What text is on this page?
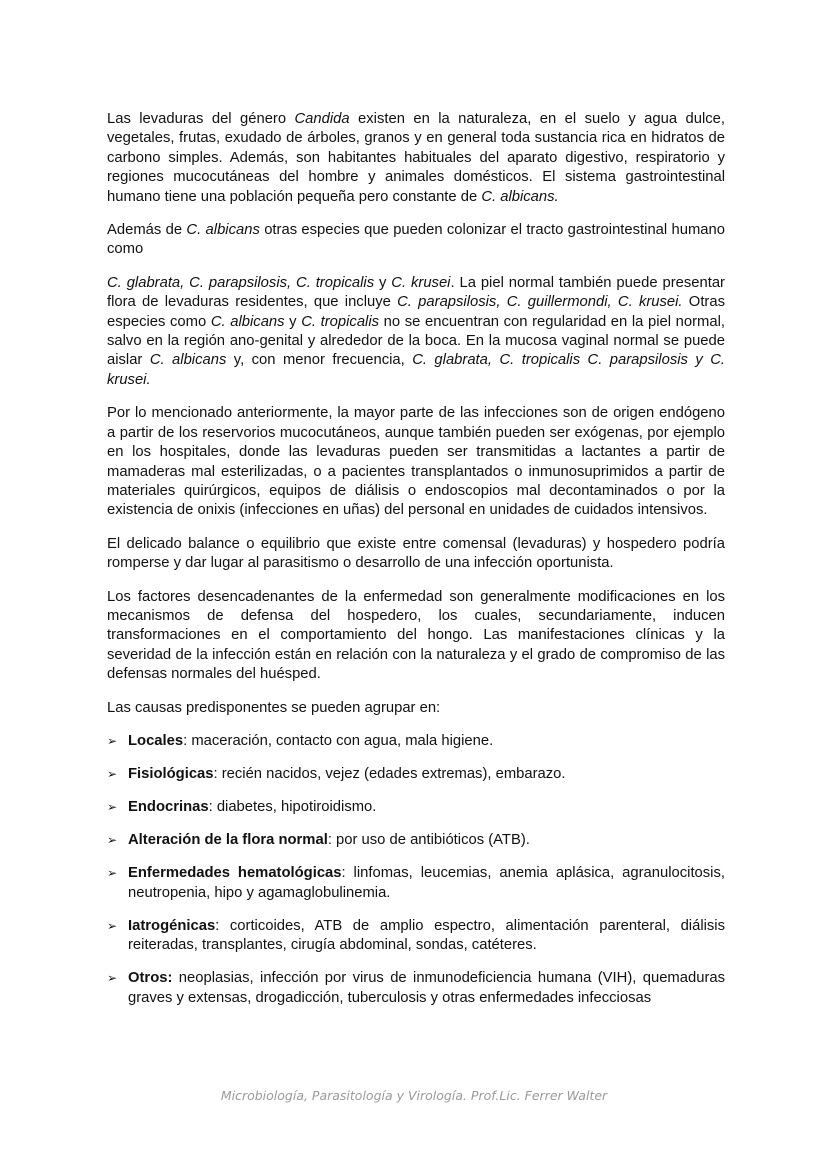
Las levaduras del género Candida existen en la naturaleza, en el suelo y agua dulce, vegetales, frutas, exudado de árboles, granos y en general toda sustancia rica en hidratos de carbono simples. Además, son habitantes habituales del aparato digestivo, respiratorio y regiones mucocutáneas del hombre y animales domésticos. El sistema gastrointestinal humano tiene una población pequeña pero constante de C. albicans.

Además de C. albicans otras especies que pueden colonizar el tracto gastrointestinal humano como

C. glabrata, C. parapsilosis, C. tropicalis y C. krusei. La piel normal también puede presentar flora de levaduras residentes, que incluye C. parapsilosis, C. guillermondi, C. krusei. Otras especies como C. albicans y C. tropicalis no se encuentran con regularidad en la piel normal, salvo en la región ano-genital y alrededor de la boca. En la mucosa vaginal normal se puede aislar C. albicans y, con menor frecuencia, C. glabrata, C. tropicalis C. parapsilosis y C. krusei.

Por lo mencionado anteriormente, la mayor parte de las infecciones son de origen endógeno a partir de los reservorios mucocutáneos, aunque también pueden ser exógenas, por ejemplo en los hospitales, donde las levaduras pueden ser transmitidas a lactantes a partir de mamaderas mal esterilizadas, o a pacientes transplantados o inmunosuprimidos a partir de materiales quirúrgicos, equipos de diálisis o endoscopios mal decontaminados o por la existencia de onixis (infecciones en uñas) del personal en unidades de cuidados intensivos.

El delicado balance o equilibrio que existe entre comensal (levaduras) y hospedero podría romperse y dar lugar al parasitismo o desarrollo de una infección oportunista.

Los factores desencadenantes de la enfermedad son generalmente modificaciones en los mecanismos de defensa del hospedero, los cuales, secundariamente, inducen transformaciones en el comportamiento del hongo. Las manifestaciones clínicas y la severidad de la infección están en relación con la naturaleza y el grado de compromiso de las defensas normales del huésped.

Las causas predisponentes se pueden agrupar en:

➢ Locales: maceración, contacto con agua, mala higiene.
➢ Fisiológicas: recién nacidos, vejez (edades extremas), embarazo.
➢ Endocrinas: diabetes, hipotiroidismo.
➢ Alteración de la flora normal: por uso de antibióticos (ATB).
➢ Enfermedades hematológicas: linfomas, leucemias, anemia aplásica, agranulocitosis, neutropenia, hipo y agamaglobulinemia.
➢ Iatrogénicas: corticoides, ATB de amplio espectro, alimentación parenteral, diálisis reiteradas, transplantes, cirugía abdominal, sondas, catéteres.
➢ Otros: neoplasias, infección por virus de inmunodeficiencia humana (VIH), quemaduras graves y extensas, drogadicción, tuberculosis y otras enfermedades infecciosas
Microbiología, Parasitología y Virología. Prof.Lic. Ferrer Walter
